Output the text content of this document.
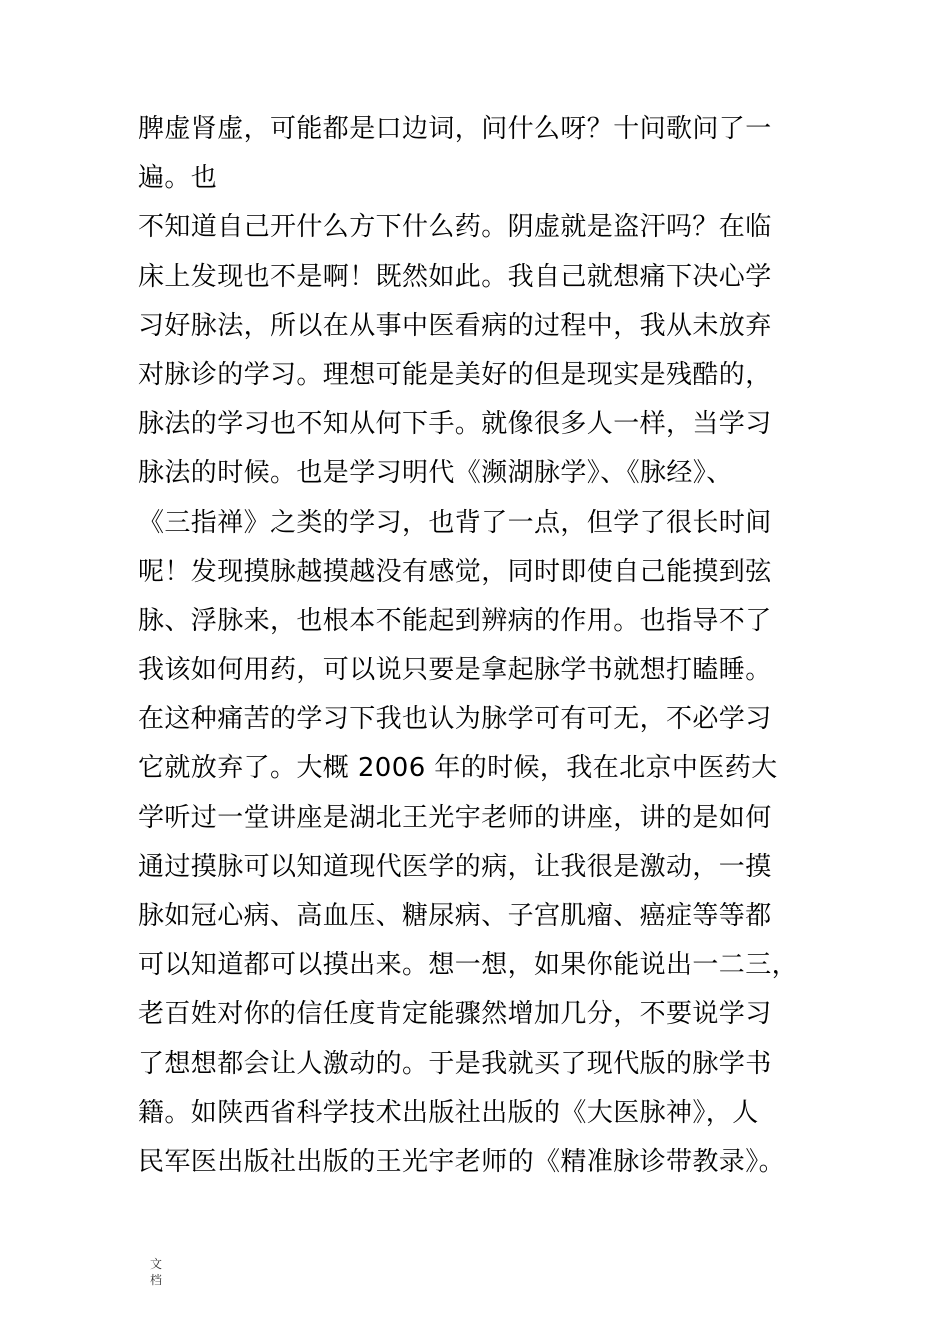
脾虚肾虚，可能都是口边词，问什么呀？十问歌问了一
遍。也
不知道自己开什么方下什么药。阴虚就是盗汗吗？在临
床上发现也不是啊！既然如此。我自己就想痛下决心学
习好脉法，所以在从事中医看病的过程中，我从未放弃
对脉诊的学习。理想可能是美好的但是现实是残酷的，
脉法的学习也不知从何下手。就像很多人一样，当学习
脉法的时候。也是学习明代《濒湖脉学》、《脉经》、
《三指禅》之类的学习，也背了一点，但学了很长时间
呢！发现摸脉越摸越没有感觉，同时即使自己能摸到弦
脉、浮脉来，也根本不能起到辨病的作用。也指导不了
我该如何用药，可以说只要是拿起脉学书就想打瞌睡。
在这种痛苦的学习下我也认为脉学可有可无，不必学习
它就放弃了。大概 2006 年的时候，我在北京中医药大
学听过一堂讲座是湖北王光宇老师的讲座，讲的是如何
通过摸脉可以知道现代医学的病，让我很是激动，一摸
脉如冠心病、高血压、糖尿病、子宫肌瘤、癌症等等都
可以知道都可以摸出来。想一想，如果你能说出一二三，
老百姓对你的信任度肯定能骤然增加几分，不要说学习
了想想都会让人激动的。于是我就买了现代版的脉学书
籍。如陕西省科学技术出版社出版的《大医脉神》，人
民军医出版社出版的王光宇老师的《精准脉诊带教录》。
文
档
